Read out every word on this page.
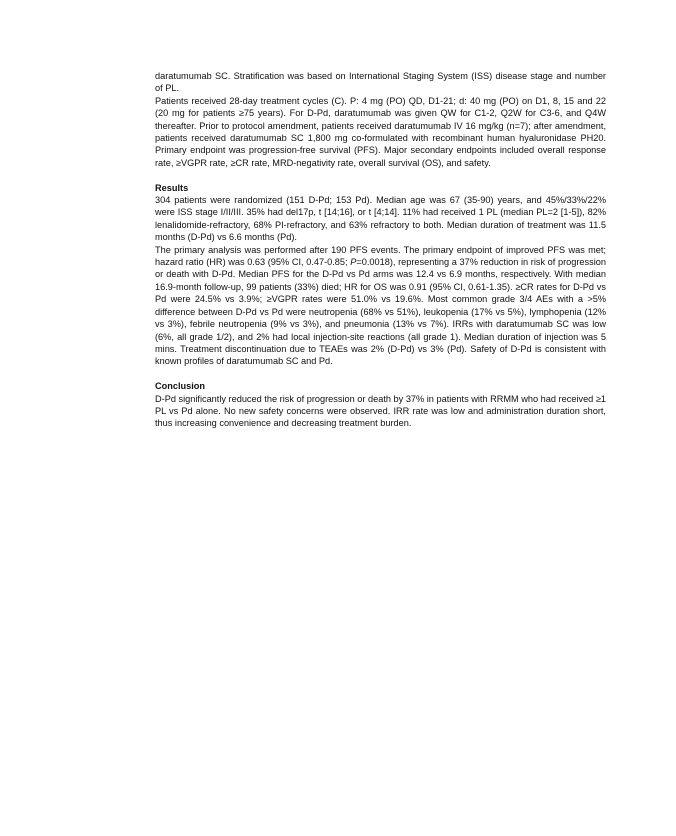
daratumumab SC. Stratification was based on International Staging System (ISS) disease stage and number of PL.

Patients received 28-day treatment cycles (C). P: 4 mg (PO) QD, D1-21; d: 40 mg (PO) on D1, 8, 15 and 22 (20 mg for patients ≥75 years). For D-Pd, daratumumab was given QW for C1-2, Q2W for C3-6, and Q4W thereafter. Prior to protocol amendment, patients received daratumumab IV 16 mg/kg (n=7); after amendment, patients received daratumumab SC 1,800 mg co-formulated with recombinant human hyaluronidase PH20. Primary endpoint was progression-free survival (PFS). Major secondary endpoints included overall response rate, ≥VGPR rate, ≥CR rate, MRD-negativity rate, overall survival (OS), and safety.

Results

304 patients were randomized (151 D-Pd; 153 Pd). Median age was 67 (35-90) years, and 45%/33%/22% were ISS stage I/II/III. 35% had del17p, t [14;16], or t [4;14]. 11% had received 1 PL (median PL=2 [1-5]), 82% lenalidomide-refractory, 68% PI-refractory, and 63% refractory to both. Median duration of treatment was 11.5 months (D-Pd) vs 6.6 months (Pd).

The primary analysis was performed after 190 PFS events. The primary endpoint of improved PFS was met; hazard ratio (HR) was 0.63 (95% CI, 0.47-0.85; P=0.0018), representing a 37% reduction in risk of progression or death with D-Pd. Median PFS for the D-Pd vs Pd arms was 12.4 vs 6.9 months, respectively. With median 16.9-month follow-up, 99 patients (33%) died; HR for OS was 0.91 (95% CI, 0.61-1.35). ≥CR rates for D-Pd vs Pd were 24.5% vs 3.9%; ≥VGPR rates were 51.0% vs 19.6%. Most common grade 3/4 AEs with a >5% difference between D-Pd vs Pd were neutropenia (68% vs 51%), leukopenia (17% vs 5%), lymphopenia (12% vs 3%), febrile neutropenia (9% vs 3%), and pneumonia (13% vs 7%). IRRs with daratumumab SC was low (6%, all grade 1/2), and 2% had local injection-site reactions (all grade 1). Median duration of injection was 5 mins. Treatment discontinuation due to TEAEs was 2% (D-Pd) vs 3% (Pd). Safety of D-Pd is consistent with known profiles of daratumumab SC and Pd.

Conclusion

D-Pd significantly reduced the risk of progression or death by 37% in patients with RRMM who had received ≥1 PL vs Pd alone. No new safety concerns were observed. IRR rate was low and administration duration short, thus increasing convenience and decreasing treatment burden.
